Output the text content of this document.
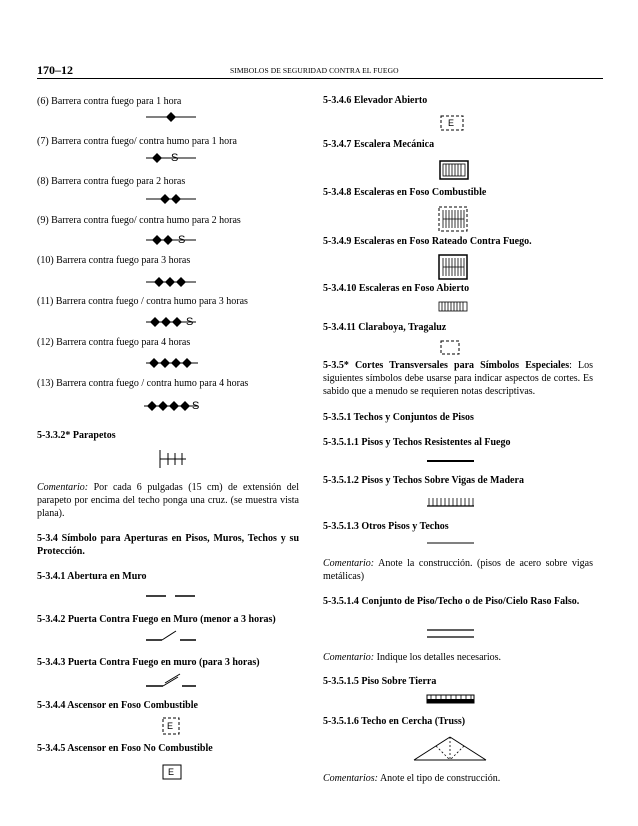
170–12	SIMBOLOS DE SEGURIDAD CONTRA EL FUEGO
(6) Barrera contra fuego para 1 hora
(7) Barrera contra fuego/ contra humo para 1 hora
S
(8) Barrera contra fuego para 2 horas
(9) Barrera contra fuego/ contra humo para 2 horas
S
(10) Barrera contra fuego para 3 horas
(11) Barrera contra fuego / contra humo para 3 horas
S
(12) Barrera contra fuego para 4 horas
(13) Barrera contra fuego / contra humo para 4 horas
S
5-3.3.2* Parapetos
Comentario: Por cada 6 pulgadas (15 cm) de extensión del parapeto por encima del techo ponga una cruz. (se muestra vista plana).
5-3.4 Símbolo para Aperturas en Pisos, Muros, Techos y su Protección.
5-3.4.1 Abertura en Muro
5-3.4.2 Puerta Contra Fuego en Muro (menor a 3 horas)
5-3.4.3 Puerta Contra Fuego en muro (para 3 horas)
5-3.4.4 Ascensor en Foso Combustible
E
5-3.4.5 Ascensor en Foso No Combustible
E
5-3.4.6 Elevador Abierto
E
5-3.4.7 Escalera Mecánica
5-3.4.8 Escaleras en Foso Combustible
5-3.4.9 Escaleras en Foso Rateado Contra Fuego.
5-3.4.10 Escaleras en Foso Abierto
5-3.4.11 Claraboya, Tragaluz
5-3.5* Cortes Transversales para Símbolos Especiales: Los siguientes símbolos debe usarse para indicar aspectos de cortes. Es sabido que a menudo se requieren notas descriptivas.
5-3.5.1 Techos y Conjuntos de Pisos
5-3.5.1.1 Pisos y Techos Resistentes al Fuego
5-3.5.1.2 Pisos y Techos Sobre Vigas de Madera
5-3.5.1.3 Otros Pisos y Techos
Comentario: Anote la construcción. (pisos de acero sobre vigas metálicas)
5-3.5.1.4 Conjunto de Piso/Techo o de Piso/Cielo Raso Falso.
Comentario: Indique los detalles necesarios.
5-3.5.1.5 Piso Sobre Tierra
5-3.5.1.6 Techo en Cercha (Truss)
Comentarios: Anote el tipo de construcción.
